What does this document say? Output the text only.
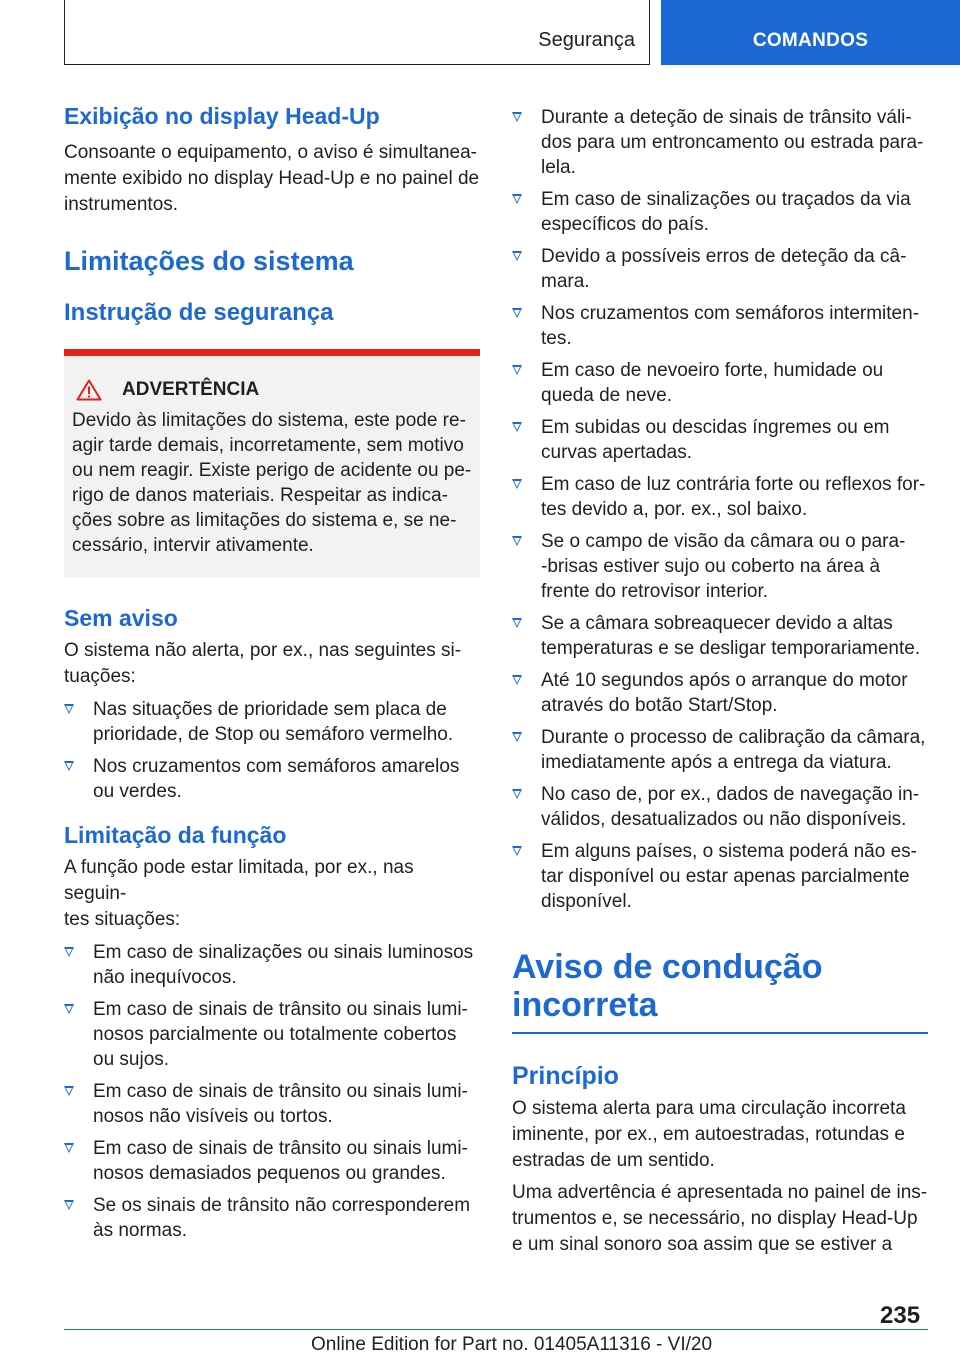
Segurança	COMANDOS
Exibição no display Head-Up
Consoante o equipamento, o aviso é simultanea-
mente exibido no display Head-Up e no painel de
instrumentos.
Limitações do sistema
Instrução de segurança
ADVERTÊNCIA
Devido às limitações do sistema, este pode re-
agir tarde demais, incorretamente, sem motivo
ou nem reagir. Existe perigo de acidente ou pe-
rigo de danos materiais. Respeitar as indica-
ções sobre as limitações do sistema e, se ne-
cessário, intervir ativamente.
Sem aviso
O sistema não alerta, por ex., nas seguintes si-
tuações:
Nas situações de prioridade sem placa de
prioridade, de Stop ou semáforo vermelho.
Nos cruzamentos com semáforos amarelos
ou verdes.
Limitação da função
A função pode estar limitada, por ex., nas seguin-
tes situações:
Em caso de sinalizações ou sinais luminosos
não inequívocos.
Em caso de sinais de trânsito ou sinais lumi-
nosos parcialmente ou totalmente cobertos
ou sujos.
Em caso de sinais de trânsito ou sinais lumi-
nosos não visíveis ou tortos.
Em caso de sinais de trânsito ou sinais lumi-
nosos demasiados pequenos ou grandes.
Se os sinais de trânsito não corresponderem
às normas.
Durante a deteção de sinais de trânsito váli-
dos para um entroncamento ou estrada para-
lela.
Em caso de sinalizações ou traçados da via
específicos do país.
Devido a possíveis erros de deteção da câ-
mara.
Nos cruzamentos com semáforos intermiten-
tes.
Em caso de nevoeiro forte, humidade ou
queda de neve.
Em subidas ou descidas íngremes ou em
curvas apertadas.
Em caso de luz contrária forte ou reflexos for-
tes devido a, por. ex., sol baixo.
Se o campo de visão da câmara ou o para-
-brisas estiver sujo ou coberto na área à
frente do retrovisor interior.
Se a câmara sobreaquecer devido a altas
temperaturas e se desligar temporariamente.
Até 10 segundos após o arranque do motor
através do botão Start/Stop.
Durante o processo de calibração da câmara,
imediatamente após a entrega da viatura.
No caso de, por ex., dados de navegação in-
válidos, desatualizados ou não disponíveis.
Em alguns países, o sistema poderá não es-
tar disponível ou estar apenas parcialmente
disponível.
Aviso de condução
incorreta
Princípio
O sistema alerta para uma circulação incorreta
iminente, por ex., em autoestradas, rotundas e
estradas de um sentido.
Uma advertência é apresentada no painel de ins-
trumentos e, se necessário, no display Head-Up
e um sinal sonoro soa assim que se estiver a
235
Online Edition for Part no. 01405A11316 - VI/20
